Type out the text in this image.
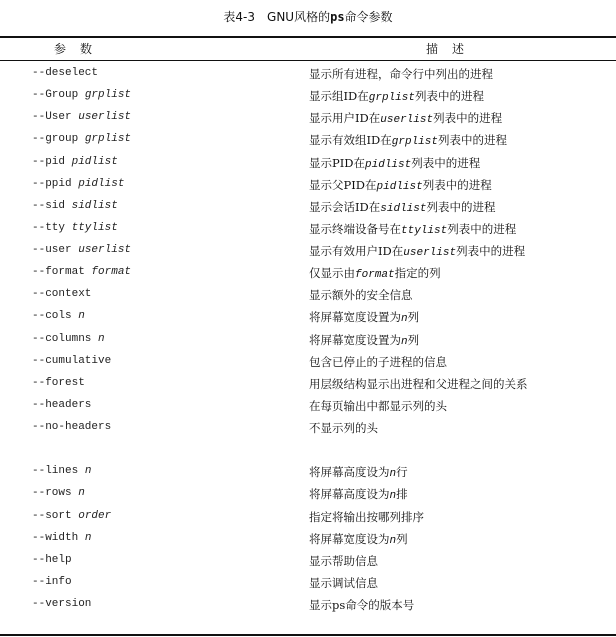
表4-3　GNU风格的ps命令参数
参数	描述
--deselect	显示所有进程，命令行中列出的进程
--Group grplist	显示组ID在grplist列表中的进程
--User userlist	显示用户ID在userlist列表中的进程
--group grplist	显示有效组ID在grplist列表中的进程
--pid pidlist	显示PID在pidlist列表中的进程
--ppid pidlist	显示父PID在pidlist列表中的进程
--sid sidlist	显示会话ID在sidlist列表中的进程
--tty ttylist	显示终端设备号在ttylist列表中的进程
--user userlist	显示有效用户ID在userlist列表中的进程
--format format	仅显示由format指定的列
--context	显示额外的安全信息
--cols n	将屏幕宽度设置为n列
--columns n	将屏幕宽度设置为n列
--cumulative	包含已停止的子进程的信息
--forest	用层级结构显示出进程和父进程之间的关系
--headers	在每页输出中都显示列的头
--no-headers	不显示列的头
--lines n	将屏幕高度设为n行
--rows n	将屏幕高度设为n排
--sort order	指定将输出按哪列排序
--width n	将屏幕宽度设为n列
--help	显示帮助信息
--info	显示调试信息
--version	显示ps命令的版本号
